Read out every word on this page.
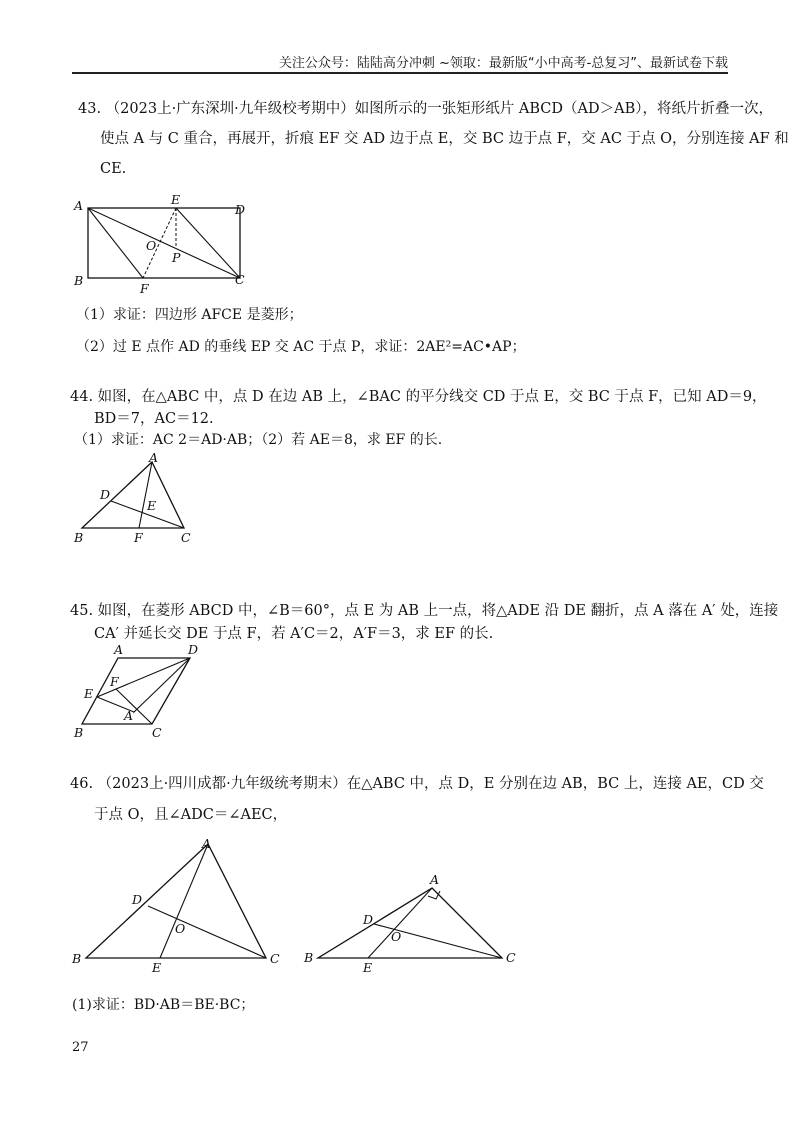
关注公众号：陆陆高分冲刺 ~领取：最新版“小中高考-总复习”、最新试卷下载
43. （2023上·广东深圳·九年级校考期中）如图所示的一张矩形纸片 ABCD（AD＞AB），将纸片折叠一次，
使点 A 与 C 重合，再展开，折痕 EF 交 AD 边于点 E，交 BC 边于点 F，交 AC 于点 O，分别连接 AF 和
CE.
A
B	C
D
E
F
O
P
（1）求证：四边形 AFCE 是菱形；
（2）过 E 点作 AD 的垂线 EP 交 AC 于点 P，求证：2AE²=AC•AP；
44. 如图，在△ABC 中，点 D 在边 AB 上，∠BAC 的平分线交 CD 于点 E，交 BC 于点 F，已知 AD＝9，
BD＝7，AC＝12.
（1）求证：AC 2＝AD·AB；（2）若 AE＝8，求 EF 的长.
A
B	C
D
E
F
45. 如图，在菱形 ABCD 中，∠B＝60°，点 E 为 AB 上一点，将△ADE 沿 DE 翻折，点 A 落在 A′ 处，连接
CA′ 并延长交 DE 于点 F，若 A′C＝2，A′F＝3，求 EF 的长.
A
B	C
D
E
F
A′
46. （2023上·四川成都·九年级统考期末）在△ABC 中，点 D，E 分别在边 AB，BC 上，连接 AE，CD 交
于点 O，且∠ADC＝∠AEC，
A
B	C
D
E
O
A
B	C
D
E
O
(1)求证：BD·AB＝BE·BC；
27
